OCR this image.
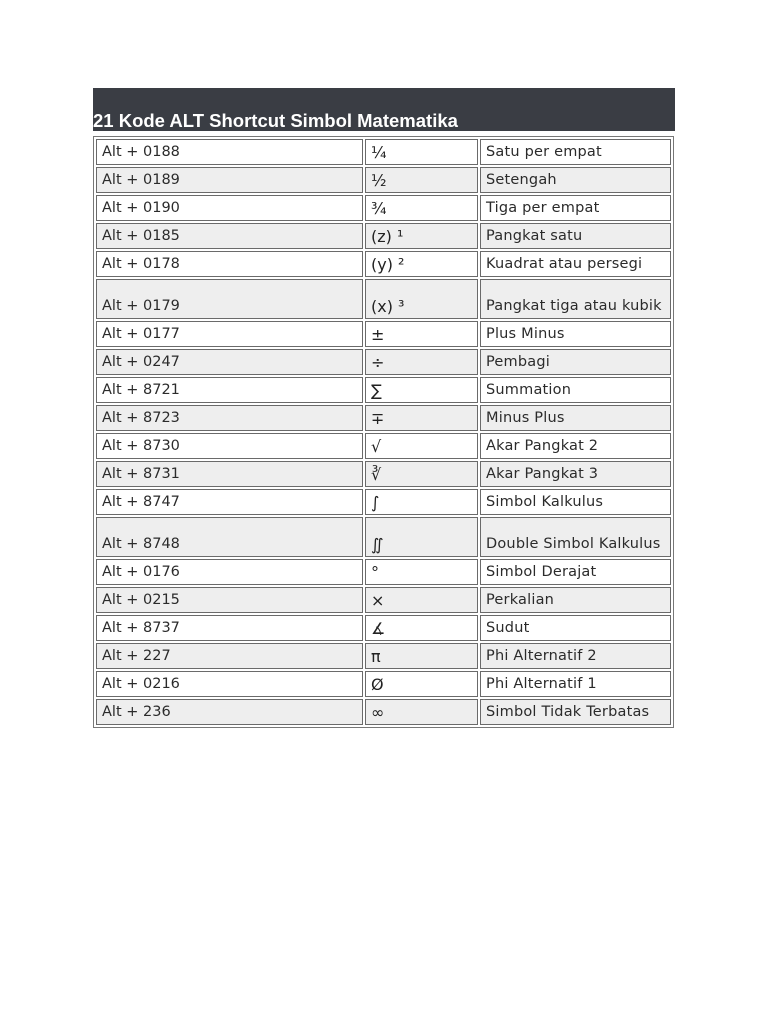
21 Kode ALT Shortcut Simbol Matematika
Alt + 0188	¼	Satu per empat
Alt + 0189	½	Setengah
Alt + 0190	¾	Tiga per empat
Alt + 0185	(z) ¹	Pangkat satu
Alt + 0178	(y) ²	Kuadrat atau persegi
Alt + 0179	(x) ³	Pangkat tiga atau kubik
Alt + 0177	±	Plus Minus
Alt + 0247	÷	Pembagi
Alt + 8721	∑	Summation
Alt + 8723	∓	Minus Plus
Alt + 8730	√	Akar Pangkat 2
Alt + 8731	∛	Akar Pangkat 3
Alt + 8747	∫	Simbol Kalkulus
Alt + 8748	∬	Double Simbol Kalkulus
Alt + 0176	°	Simbol Derajat
Alt + 0215	×	Perkalian
Alt + 8737	∡	Sudut
Alt + 227	π	Phi Alternatif 2
Alt + 0216	Ø	Phi Alternatif 1
Alt + 236	∞	Simbol Tidak Terbatas
